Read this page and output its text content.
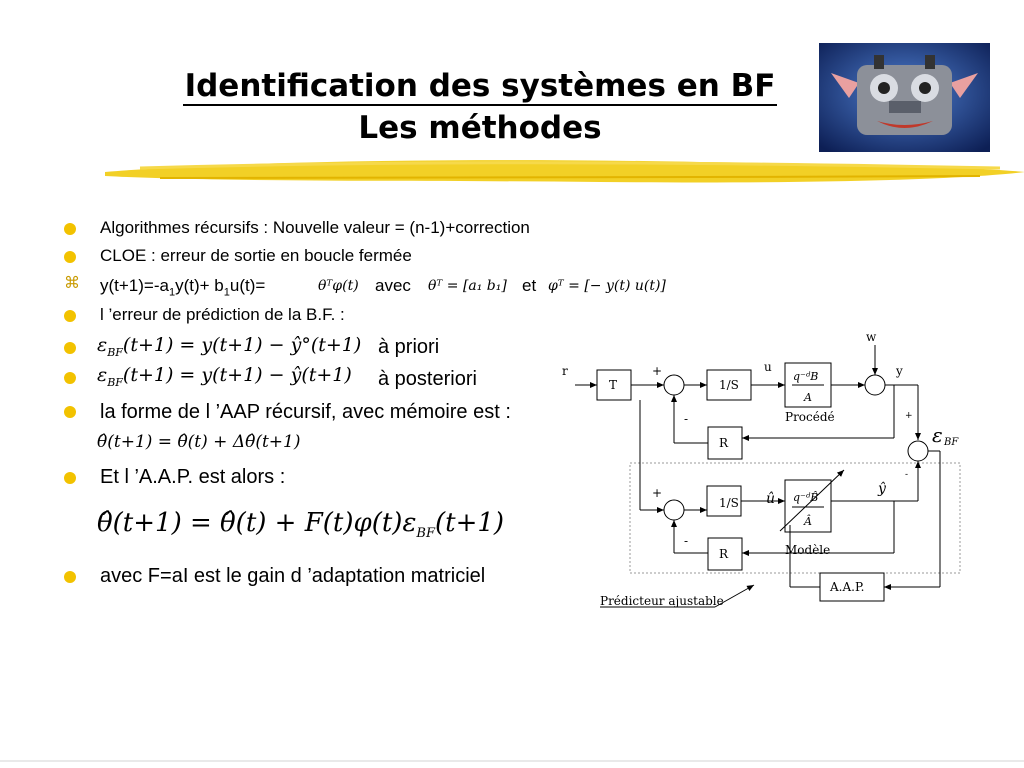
Identification des systèmes en BF
Les méthodes
Algorithmes récursifs : Nouvelle valeur = (n-1)+correction
CLOE : erreur de sortie en boucle fermée
⌘ $y(t+1)=-a_1y(t)+ b_1u(t)=$	θᵀφ(t) avec θᵀ = [a₁ b₁] et φᵀ = [− y(t) u(t)]
l ’erreur de prédiction de la B.F. :
$\varepsilon_{BF}(t+1) = y(t+1)$ − ŷ°(t+1) à priori
$\varepsilon_{BF}(t+1) = y(t+1)$ − ŷ(t+1) à posteriori
la forme de l ’AAP récursif, avec mémoire est :
θ̂(t+1) = θ̂(t) + Δθ̂(t+1)
Et l ’A.A.P. est alors :
θ̂(t+1) = θ̂(t) + $F(t)\varphi(t)\varepsilon_{BF}(t+1)$
avec F=aI est le gain d ’adaptation matriciel
r
w
y
u
+
-
+
-
+
-
T	1/S
1/S
R
R
q⁻ᵈB
A
q⁻ᵈB̂
Â
Procédé
Modèle
A.A.P.
Prédicteur ajustable
û
ŷ
ε BF
